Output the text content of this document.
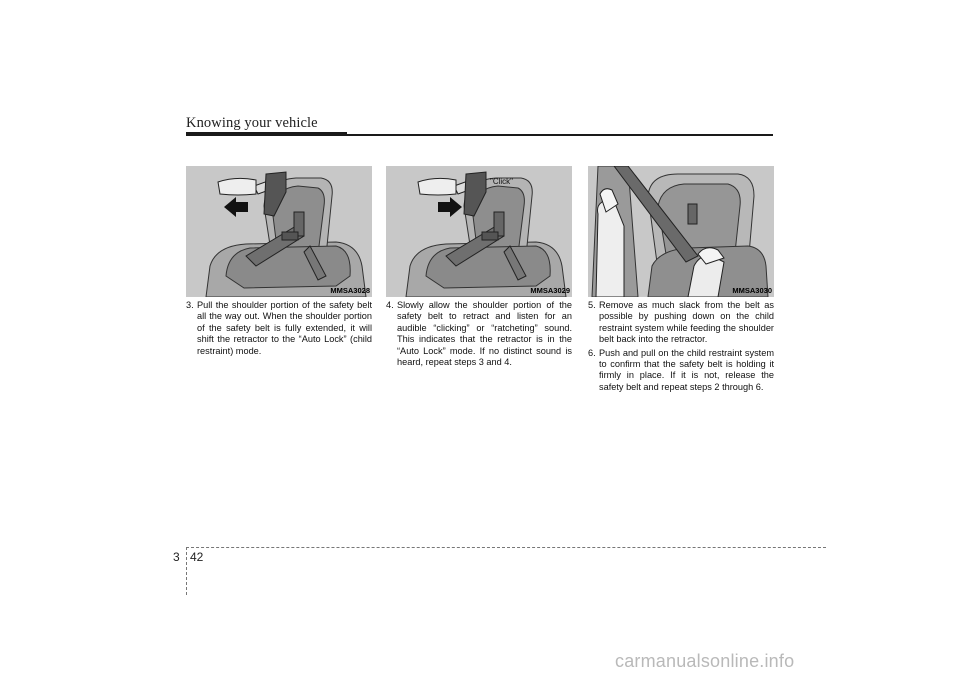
Knowing your vehicle
MMSA3028
"Click"
MMSA3029	MMSA3030

3. Pull the shoulder portion of the safety belt all the way out. When the shoulder portion of the safety belt is fully extended, it will shift the retractor to the “Auto Lock” (child restraint) mode.

4. Slowly allow the shoulder portion of the safety belt to retract and listen for an audible “clicking” or “ratcheting” sound. This indicates that the retractor is in the “Auto Lock” mode. If no distinct sound is heard, repeat steps 3 and 4.

5. Remove as much slack from the belt as possible by pushing down on the child restraint system while feeding the shoulder belt back into the retractor.

6. Push and pull on the child restraint system to confirm that the safety belt is holding it firmly in place. If it is not, release the safety belt and repeat steps 2 through 6.

3 42
carmanualsonline.info
